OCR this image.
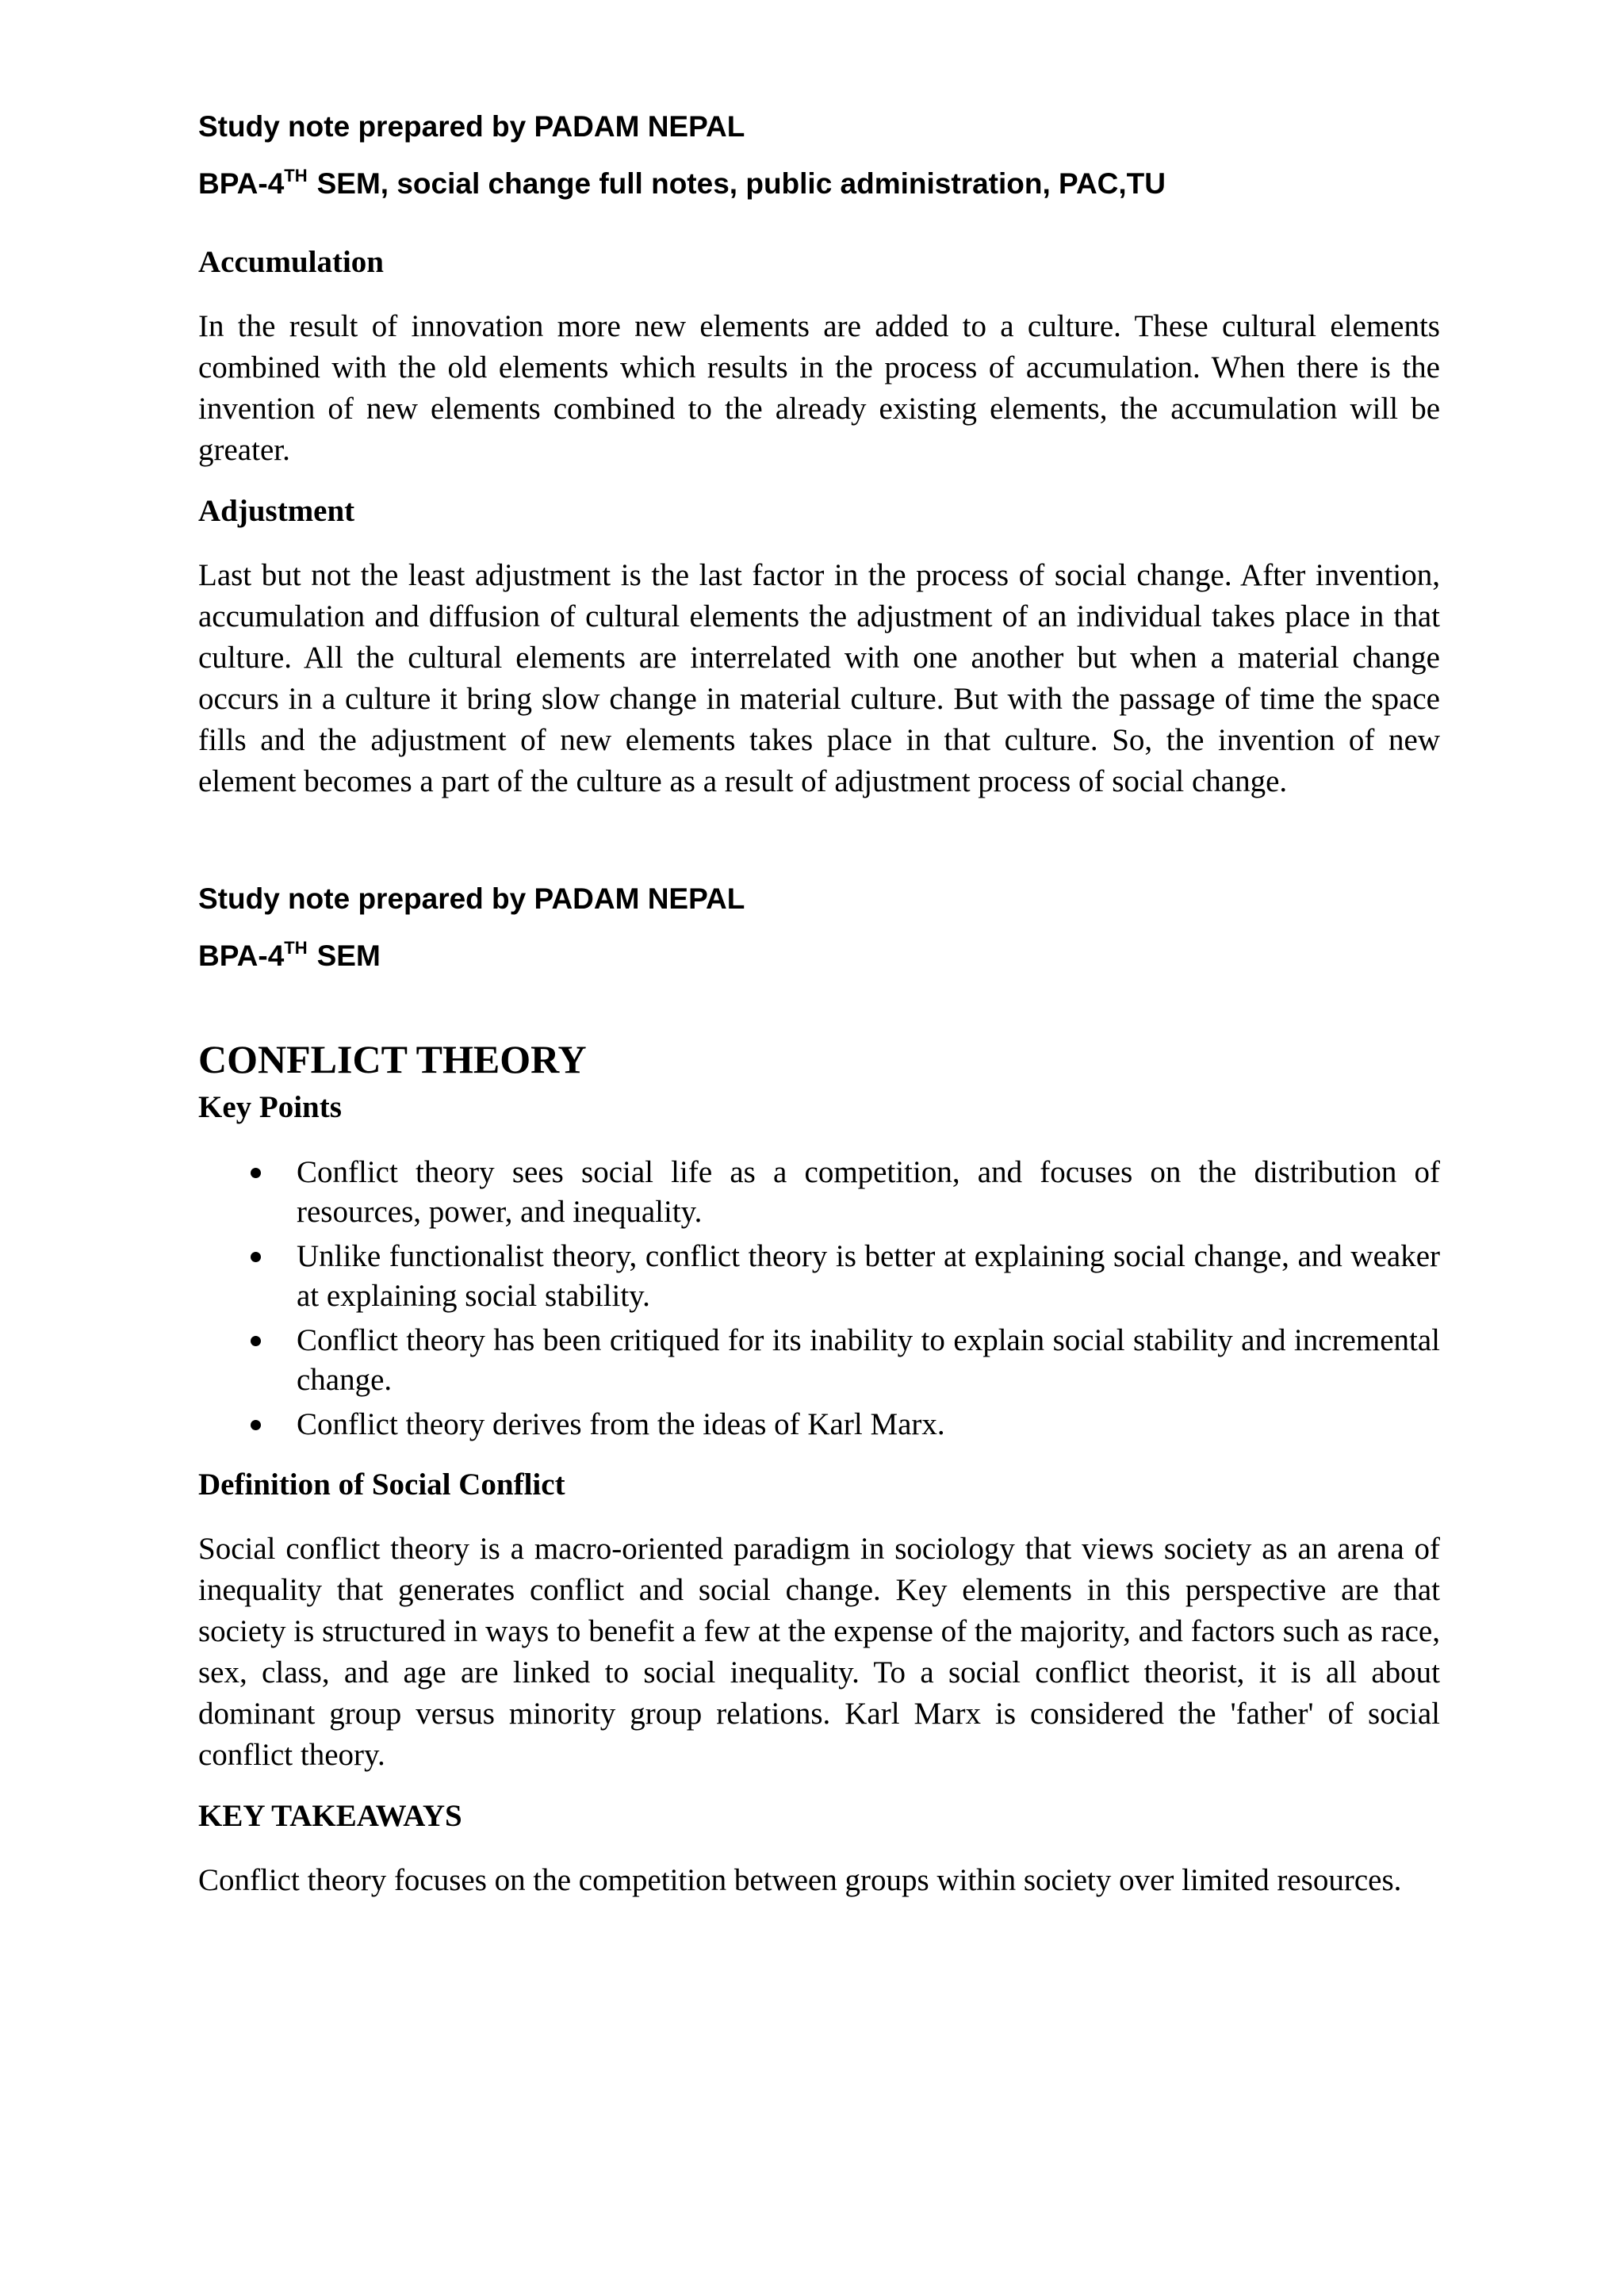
Study note prepared by PADAM NEPAL

BPA-4TH SEM, social change full notes, public administration, PAC,TU

Accumulation

In the result of innovation more new elements are added to a culture. These cultural elements combined with the old elements which results in the process of accumulation. When there is the invention of new elements combined to the already existing elements, the accumulation will be greater.

Adjustment

Last but not the least adjustment is the last factor in the process of social change. After invention, accumulation and diffusion of cultural elements the adjustment of an individual takes place in that culture. All the cultural elements are interrelated with one another but when a material change occurs in a culture it bring slow change in material culture. But with the passage of time the space fills and the adjustment of new elements takes place in that culture. So, the invention of new element becomes a part of the culture as a result of adjustment process of social change.

Study note prepared by PADAM NEPAL

BPA-4TH SEM

CONFLICT THEORY
Key Points
Conflict theory sees social life as a competition, and focuses on the distribution of resources, power, and inequality.
Unlike functionalist theory, conflict theory is better at explaining social change, and weaker at explaining social stability.
Conflict theory has been critiqued for its inability to explain social stability and incremental change.
Conflict theory derives from the ideas of Karl Marx.
Definition of Social Conflict

Social conflict theory is a macro-oriented paradigm in sociology that views society as an arena of inequality that generates conflict and social change. Key elements in this perspective are that society is structured in ways to benefit a few at the expense of the majority, and factors such as race, sex, class, and age are linked to social inequality. To a social conflict theorist, it is all about dominant group versus minority group relations. Karl Marx is considered the 'father' of social conflict theory.

KEY TAKEAWAYS

Conflict theory focuses on the competition between groups within society over limited resources.
